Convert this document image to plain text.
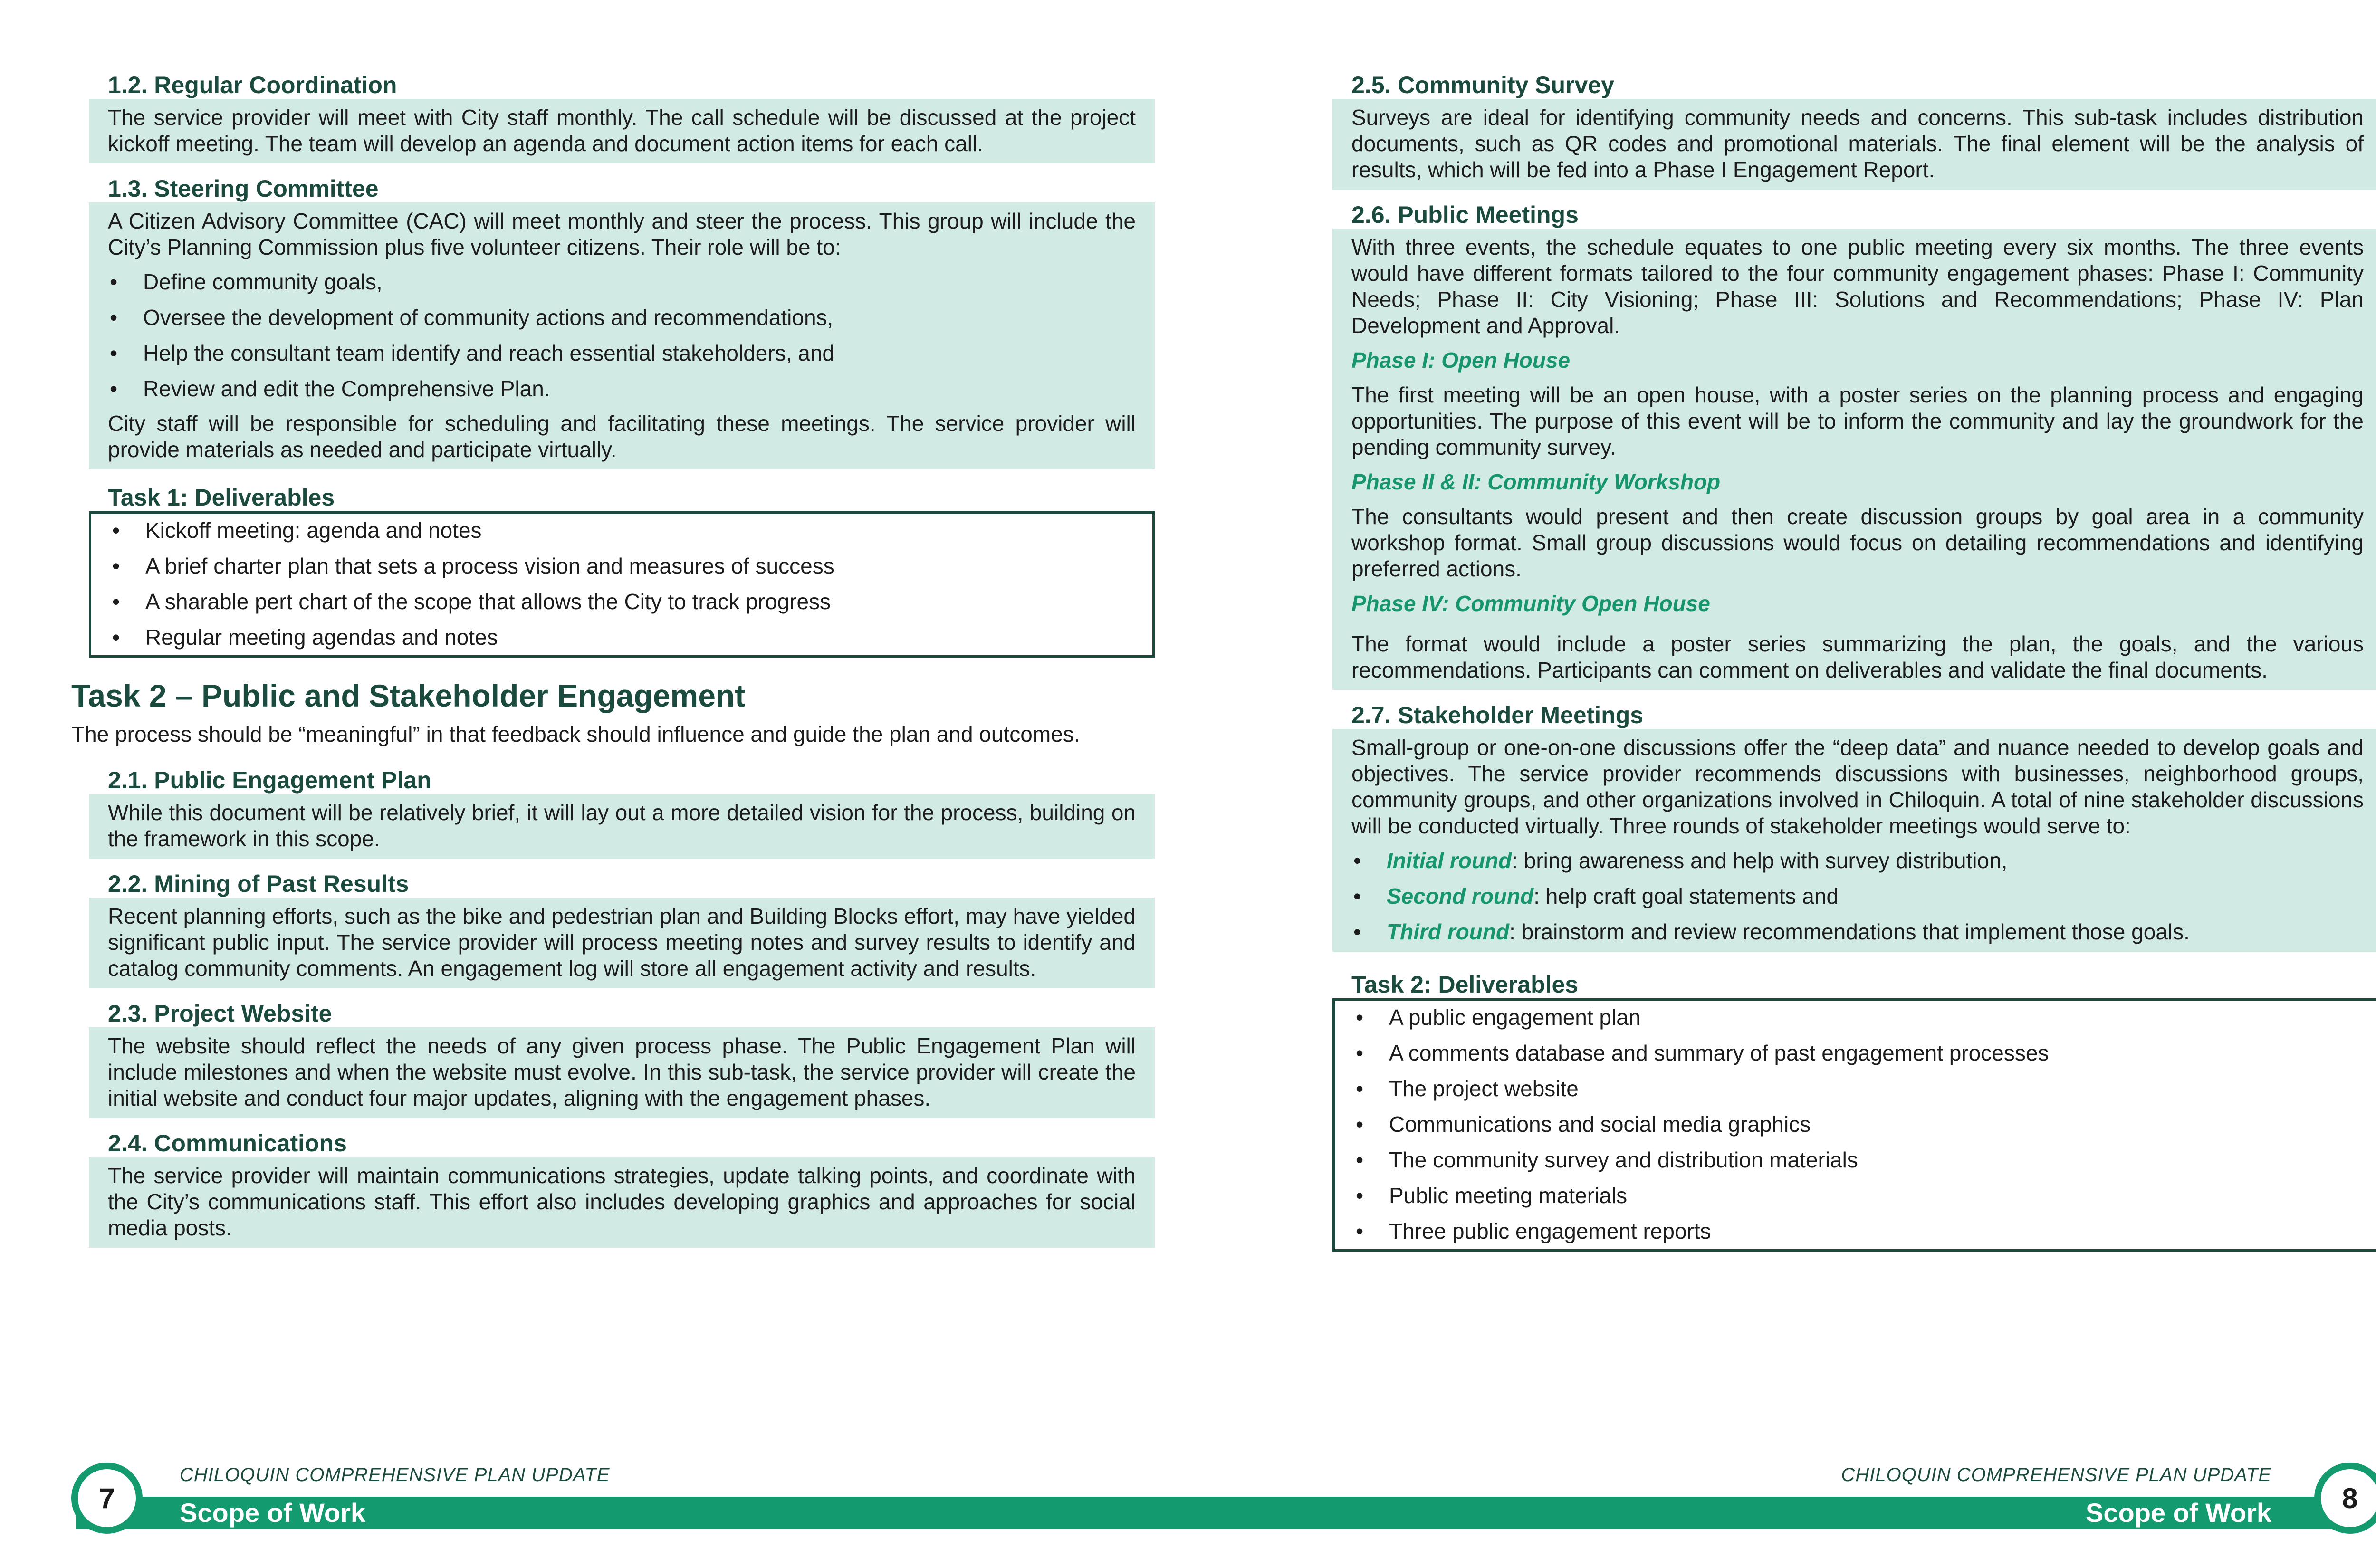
1.2. Regular Coordination

The service provider will meet with City staff monthly. The call schedule will be discussed at the project kickoff meeting. The team will develop an agenda and document action items for each call.

1.3. Steering Committee

A Citizen Advisory Committee (CAC) will meet monthly and steer the process. This group will include the City’s Planning Commission plus five volunteer citizens. Their role will be to:

• Define community goals,
• Oversee the development of community actions and recommendations,
• Help the consultant team identify and reach essential stakeholders, and
• Review and edit the Comprehensive Plan.

City staff will be responsible for scheduling and facilitating these meetings. The service provider will provide materials as needed and participate virtually.

Task 1: Deliverables
• Kickoff meeting: agenda and notes
• A brief charter plan that sets a process vision and measures of success
• A sharable pert chart of the scope that allows the City to track progress
• Regular meeting agendas and notes
Task 2 – Public and Stakeholder Engagement

The process should be “meaningful” in that feedback should influence and guide the plan and outcomes.

2.1. Public Engagement Plan

While this document will be relatively brief, it will lay out a more detailed vision for the process, building on the framework in this scope.

2.2. Mining of Past Results

Recent planning efforts, such as the bike and pedestrian plan and Building Blocks effort, may have yielded significant public input. The service provider will process meeting notes and survey results to identify and catalog community comments. An engagement log will store all engagement activity and results.

2.3. Project Website

The website should reflect the needs of any given process phase. The Public Engagement Plan will include milestones and when the website must evolve. In this sub-task, the service provider will create the initial website and conduct four major updates, aligning with the engagement phases.

2.4. Communications

The service provider will maintain communications strategies, update talking points, and coordinate with the City’s communications staff. This effort also includes developing graphics and approaches for social media posts.

2.5. Community Survey

Surveys are ideal for identifying community needs and concerns. This sub-task includes distribution documents, such as QR codes and promotional materials. The final element will be the analysis of results, which will be fed into a Phase I Engagement Report.

2.6. Public Meetings

With three events, the schedule equates to one public meeting every six months. The three events would have different formats tailored to the four community engagement phases: Phase I: Community Needs; Phase II: City Visioning; Phase III: Solutions and Recommendations; Phase IV: Plan Development and Approval.

Phase I: Open House

The first meeting will be an open house, with a poster series on the planning process and engaging opportunities. The purpose of this event will be to inform the community and lay the groundwork for the pending community survey.

Phase II & II: Community Workshop

The consultants would present and then create discussion groups by goal area in a community workshop format. Small group discussions would focus on detailing recommendations and identifying preferred actions.

Phase IV: Community Open House

The format would include a poster series summarizing the plan, the goals, and the various recommendations. Participants can comment on deliverables and validate the final documents.

2.7. Stakeholder Meetings

Small-group or one-on-one discussions offer the “deep data” and nuance needed to develop goals and objectives. The service provider recommends discussions with businesses, neighborhood groups, community groups, and other organizations involved in Chiloquin. A total of nine stakeholder discussions will be conducted virtually. Three rounds of stakeholder meetings would serve to:

• Initial round: bring awareness and help with survey distribution,
• Second round: help craft goal statements and
• Third round: brainstorm and review recommendations that implement those goals.
Task 2: Deliverables
• A public engagement plan
• A comments database and summary of past engagement processes
• The project website
• Communications and social media graphics
• The community survey and distribution materials
• Public meeting materials
• Three public engagement reports
7	8
CHILOQUIN COMPREHENSIVE PLAN UPDATE
Scope of Work
CHILOQUIN COMPREHENSIVE PLAN UPDATE
Scope of Work
